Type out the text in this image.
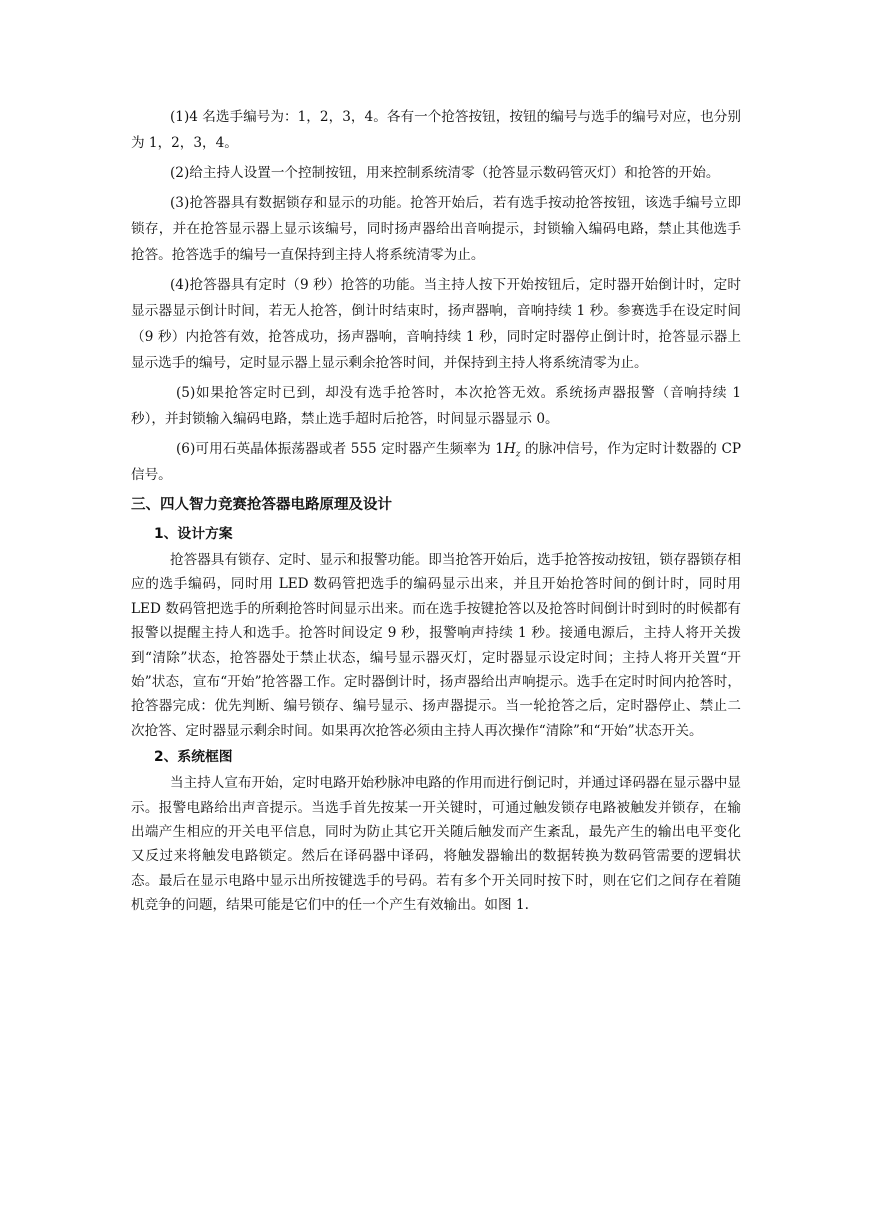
(1)4 名选手编号为：1，2，3，4。各有一个抢答按钮，按钮的编号与选手的编号对应，也分别为 1，2，3，4。

(2)给主持人设置一个控制按钮，用来控制系统清零（抢答显示数码管灭灯）和抢答的开始。

(3)抢答器具有数据锁存和显示的功能。抢答开始后，若有选手按动抢答按钮，该选手编号立即锁存，并在抢答显示器上显示该编号，同时扬声器给出音响提示，封锁输入编码电路，禁止其他选手抢答。抢答选手的编号一直保持到主持人将系统清零为止。

(4)抢答器具有定时（9 秒）抢答的功能。当主持人按下开始按钮后，定时器开始倒计时，定时显示器显示倒计时间，若无人抢答，倒计时结束时，扬声器响，音响持续 1 秒。参赛选手在设定时间（9 秒）内抢答有效，抢答成功，扬声器响，音响持续 1 秒，同时定时器停止倒计时，抢答显示器上显示选手的编号，定时显示器上显示剩余抢答时间，并保持到主持人将系统清零为止。

(5)如果抢答定时已到，却没有选手抢答时，本次抢答无效。系统扬声器报警（音响持续 1 秒），并封锁输入编码电路，禁止选手超时后抢答，时间显示器显示 0。

(6)可用石英晶体振荡器或者 555 定时器产生频率为 $1H_z$ 的脉冲信号，作为定时计数器的 CP 信号。

三、四人智力竞赛抢答器电路原理及设计
1、设计方案

抢答器具有锁存、定时、显示和报警功能。即当抢答开始后，选手抢答按动按钮，锁存器锁存相应的选手编码，同时用 LED 数码管把选手的编码显示出来，并且开始抢答时间的倒计时，同时用 LED 数码管把选手的所剩抢答时间显示出来。而在选手按键抢答以及抢答时间倒计时到时的时候都有报警以提醒主持人和选手。抢答时间设定 9 秒，报警响声持续 1 秒。接通电源后，主持人将开关拨到“清除”状态，抢答器处于禁止状态，编号显示器灭灯，定时器显示设定时间；主持人将开关置“开始”状态，宣布“开始”抢答器工作。定时器倒计时，扬声器给出声响提示。选手在定时时间内抢答时，抢答器完成：优先判断、编号锁存、编号显示、扬声器提示。当一轮抢答之后，定时器停止、禁止二次抢答、定时器显示剩余时间。如果再次抢答必须由主持人再次操作“清除”和“开始”状态开关。

2、系统框图

当主持人宣布开始，定时电路开始秒脉冲电路的作用而进行倒记时，并通过译码器在显示器中显示。报警电路给出声音提示。当选手首先按某一开关键时，可通过触发锁存电路被触发并锁存，在输出端产生相应的开关电平信息，同时为防止其它开关随后触发而产生紊乱，最先产生的输出电平变化又反过来将触发电路锁定。然后在译码器中译码，将触发器输出的数据转换为数码管需要的逻辑状态。最后在显示电路中显示出所按键选手的号码。若有多个开关同时按下时，则在它们之间存在着随机竞争的问题，结果可能是它们中的任一个产生有效输出。如图 1.
